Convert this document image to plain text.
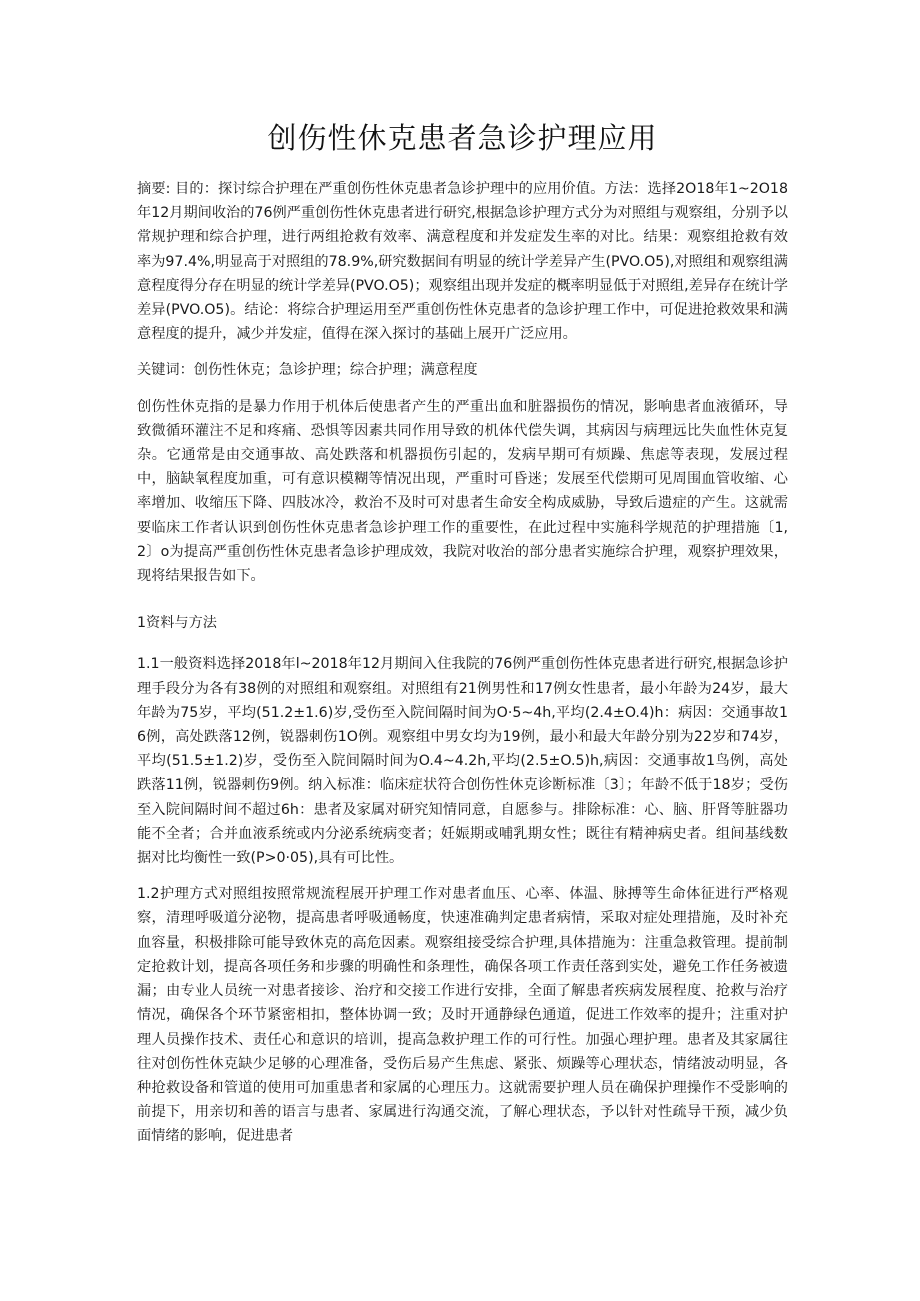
创伤性休克患者急诊护理应用

摘要: 目的：探讨综合护理在严重创伤性休克患者急诊护理中的应用价值。方法：选择2O18年1~2O18年12月期间收治的76例严重创伤性休克患者进行研究,根据急诊护理方式分为对照组与观察组，分别予以常规护理和综合护理，进行两组抢救有效率、满意程度和并发症发生率的对比。结果：观察组抢救有效率为97.4%,明显高于对照组的78.9%,研究数据间有明显的统计学差异产生(PVO.O5),对照组和观察组满意程度得分存在明显的统计学差异(PVO.O5)；观察组出现并发症的概率明显低于对照组,差异存在统计学差异(PVO.O5)。结论：将综合护理运用至严重创伤性休克患者的急诊护理工作中，可促进抢救效果和满意程度的提升，减少并发症，值得在深入探讨的基础上展开广泛应用。

关键词：创伤性休克；急诊护理；综合护理；满意程度

创伤性休克指的是暴力作用于机体后使患者产生的严重出血和脏器损伤的情况，影响患者血液循环，导致微循环灌注不足和疼痛、恐惧等因素共同作用导致的机体代偿失调，其病因与病理远比失血性休克复杂。它通常是由交通事故、高处跌落和机器损伤引起的，发病早期可有烦躁、焦虑等表现，发展过程中，脑缺氧程度加重，可有意识模糊等情况出现，严重时可昏迷；发展至代偿期可见周围血管收缩、心率增加、收缩压下降、四肢冰冷，救治不及时可对患者生命安全构成威胁，导致后遗症的产生。这就需要临床工作者认识到创伤性休克患者急诊护理工作的重要性，在此过程中实施科学规范的护理措施〔1,2〕o为提高严重创伤性休克患者急诊护理成效，我院对收治的部分患者实施综合护理，观察护理效果，现将结果报告如下。

1资料与方法

1.1一般资料选择2018年l~2018年12月期间入住我院的76例严重创伤性体克患者进行研究,根据急诊护理手段分为各有38例的对照组和观察组。对照组有21例男性和17例女性患者，最小年龄为24岁，最大年龄为75岁，平均(51.2±1.6)岁,受伤至入院间隔时间为O·5~4h,平均(2.4±O.4)h：病因：交通事故16例，高处跌落12例，锐器刺伤1O例。观察组中男女均为19例，最小和最大年龄分别为22岁和74岁，平均(51.5±1.2)岁，受伤至入院间隔时间为O.4~4.2h,平均(2.5±O.5)h,病因：交通事故1鸟例，高处跌落11例，锐器刺伤9例。纳入标准：临床症状符合创伤性休克诊断标准〔3〕；年龄不低于18岁；受伤至入院间隔时间不超过6h：患者及家属对研究知情同意，自愿参与。排除标准：心、脑、肝肾等脏器功能不全者；合并血液系统或内分泌系统病变者；妊娠期或哺乳期女性；既往有精神病史者。组间基线数据对比均衡性一致(P>0·05),具有可比性。

1.2护理方式对照组按照常规流程展开护理工作对患者血压、心率、体温、脉搏等生命体征进行严格观察，清理呼吸道分泌物，提高患者呼吸通畅度，快速准确判定患者病情，采取对症处理措施，及时补充血容量，积极排除可能导致休克的高危因素。观察组接受综合护理,具体措施为：注重急救管理。提前制定抢救计划，提高各项任务和步骤的明确性和条理性，确保各项工作责任落到实处，避免工作任务被遗漏；由专业人员统一对患者接诊、治疗和交接工作进行安排，全面了解患者疾病发展程度、抢救与治疗情况，确保各个环节紧密相扣，整体协调一致；及时开通静绿色通道，促进工作效率的提升；注重对护理人员操作技术、责任心和意识的培训，提高急救护理工作的可行性。加强心理护理。患者及其家属往往对创伤性休克缺少足够的心理准备，受伤后易产生焦虑、紧张、烦躁等心理状态，情绪波动明显，各种抢救设备和管道的使用可加重患者和家属的心理压力。这就需要护理人员在确保护理操作不受影响的前提下，用亲切和善的语言与患者、家属进行沟通交流，了解心理状态，予以针对性疏导干预，减少负面情绪的影响，促进患者
